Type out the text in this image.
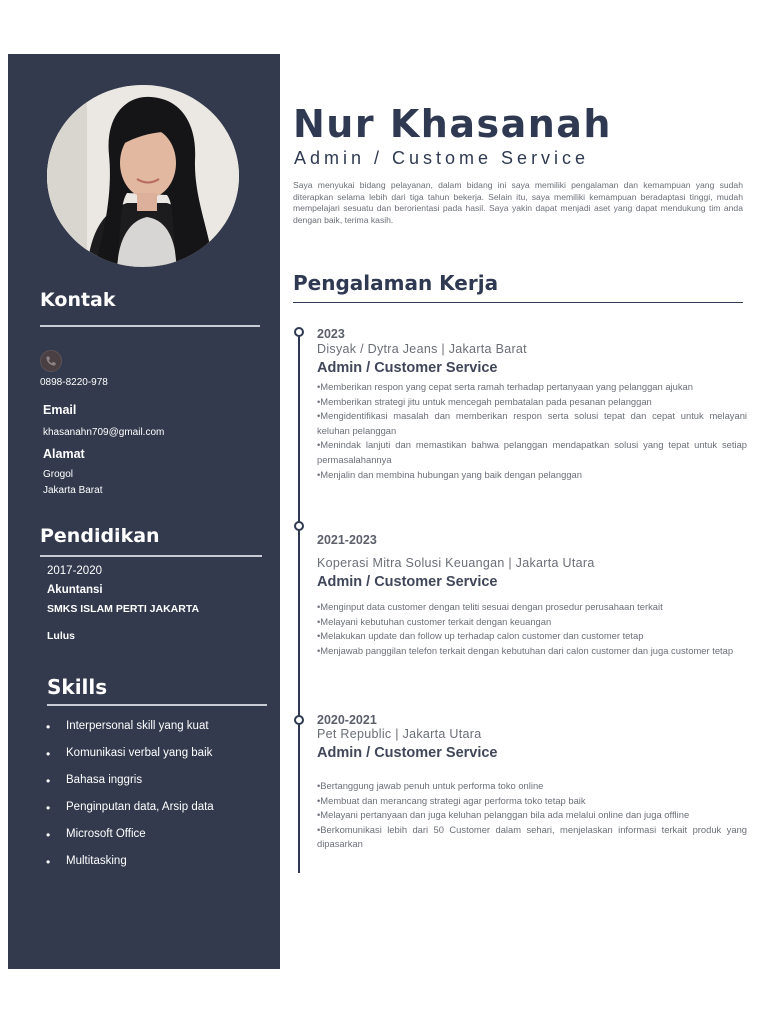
Kontak
0898-8220-978
Email
khasanahn709@gmail.com
Alamat
Grogol
Jakarta Barat
Pendidikan
2017-2020
Akuntansi
SMKS ISLAM PERTI JAKARTA
Lulus
Skills
• Interpersonal skill yang kuat
• Komunikasi verbal yang baik
• Bahasa inggris
• Penginputan data, Arsip data
• Microsoft Office
• Multitasking
Nur Khasanah
Admin / Custome Service
Saya menyukai bidang pelayanan, dalam bidang ini saya memiliki pengalaman dan kemampuan yang sudah diterapkan selama lebih dari tiga tahun bekerja. Selain itu, saya memiliki kemampuan beradaptasi tinggi, mudah mempelajari sesuatu dan berorientasi pada hasil. Saya yakin dapat menjadi aset yang dapat mendukung tim anda dengan baik, terima kasih.
Pengalaman Kerja
2023
Disyak / Dytra Jeans | Jakarta Barat
Admin / Customer Service
• Memberikan respon yang cepat serta ramah terhadap pertanyaan yang pelanggan ajukan
• Memberikan strategi jitu untuk mencegah pembatalan pada pesanan pelanggan
• Mengidentifikasi masalah dan memberikan respon serta solusi tepat dan cepat untuk melayani keluhan pelanggan
• Menindak lanjuti dan memastikan bahwa pelanggan mendapatkan solusi yang tepat untuk setiap permasalahannya
• Menjalin dan membina hubungan yang baik dengan pelanggan
2021-2023
Koperasi Mitra Solusi Keuangan | Jakarta Utara
Admin / Customer Service
• Menginput data customer dengan teliti sesuai dengan prosedur perusahaan terkait
• Melayani kebutuhan customer terkait dengan keuangan
• Melakukan update dan follow up terhadap calon customer dan customer tetap
• Menjawab panggilan telefon terkait dengan kebutuhan dari calon customer dan juga customer tetap
2020-2021
Pet Republic | Jakarta Utara
Admin / Customer Service
• Bertanggung jawab penuh untuk performa toko online
• Membuat dan merancang strategi agar performa toko tetap baik
• Melayani pertanyaan dan juga keluhan pelanggan bila ada melalui online dan juga offline
• Berkomunikasi lebih dari 50 Customer dalam sehari, menjelaskan informasi terkait produk yang dipasarkan
